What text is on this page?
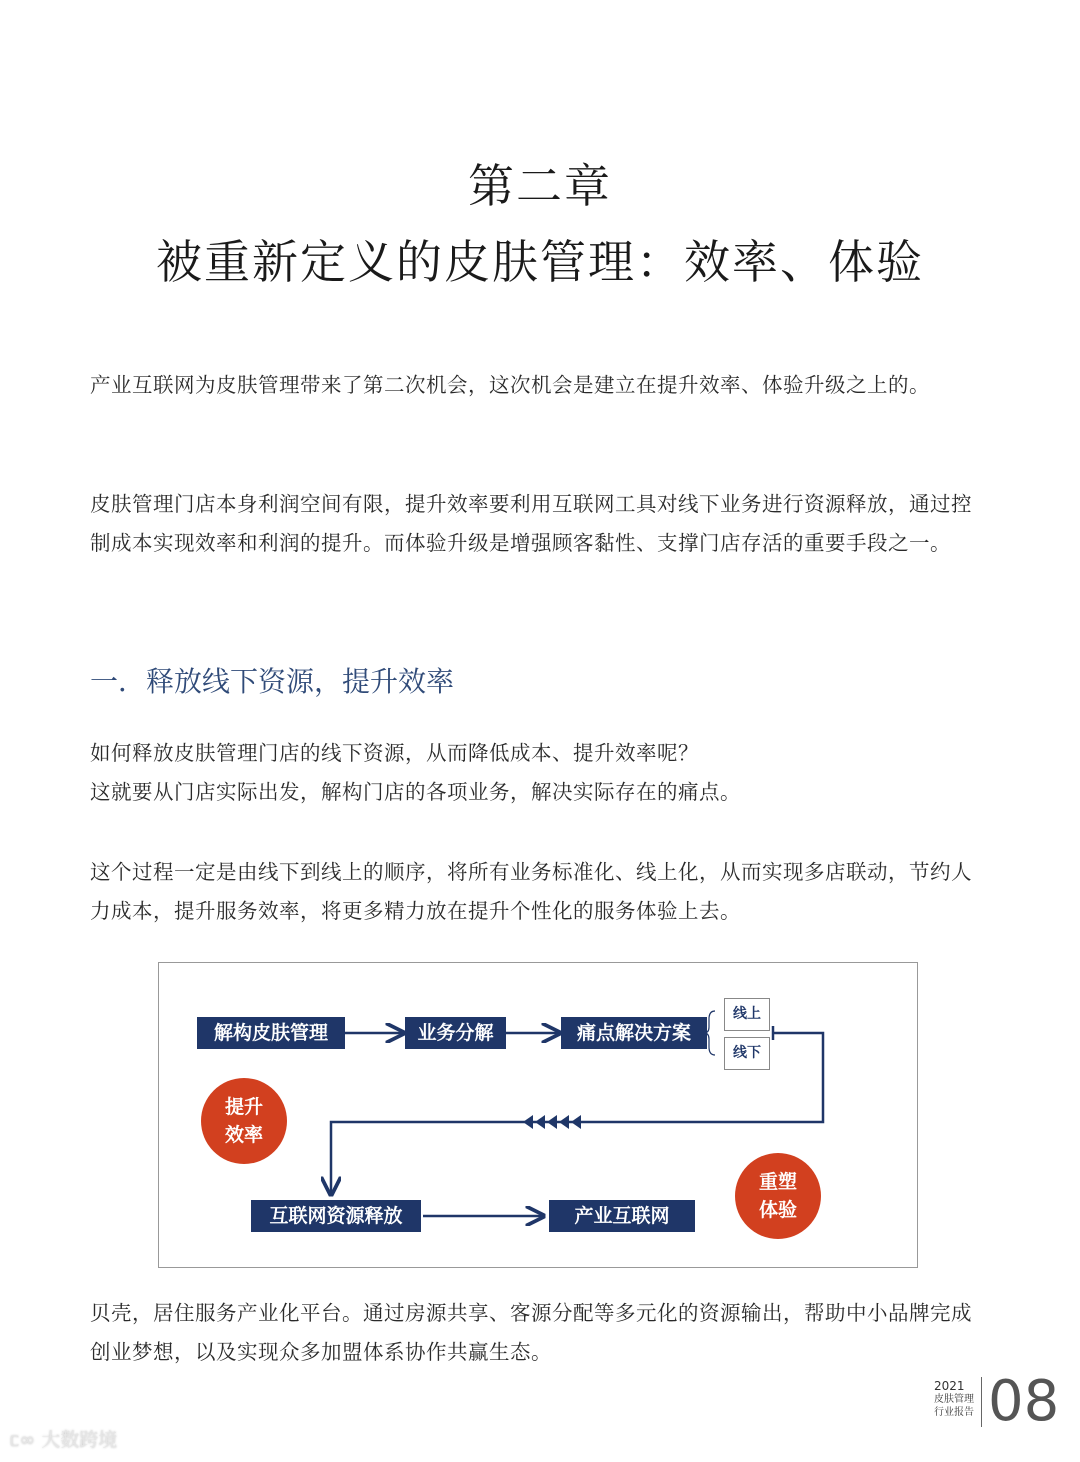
第二章
被重新定义的皮肤管理：效率、体验
产业互联网为皮肤管理带来了第二次机会，这次机会是建立在提升效率、体验升级之上的。
皮肤管理门店本身利润空间有限，提升效率要利用互联网工具对线下业务进行资源释放，通过控制成本实现效率和利润的提升。而体验升级是增强顾客黏性、支撑门店存活的重要手段之一。
一．释放线下资源，提升效率
如何释放皮肤管理门店的线下资源，从而降低成本、提升效率呢？
这就要从门店实际出发，解构门店的各项业务，解决实际存在的痛点。
这个过程一定是由线下到线上的顺序，将所有业务标准化、线上化，从而实现多店联动，节约人力成本，提升服务效率，将更多精力放在提升个性化的服务体验上去。
解构皮肤管理	业务分解	痛点解决方案
线上
线下
互联网资源释放	产业互联网
提升
效率
重塑
体验
贝壳，居住服务产业化平台。通过房源共享、客源分配等多元化的资源输出，帮助中小品牌完成创业梦想，以及实现众多加盟体系协作共赢生态。
2021
皮肤管理
行业报告 08
ᥴ∞ 大数跨境
